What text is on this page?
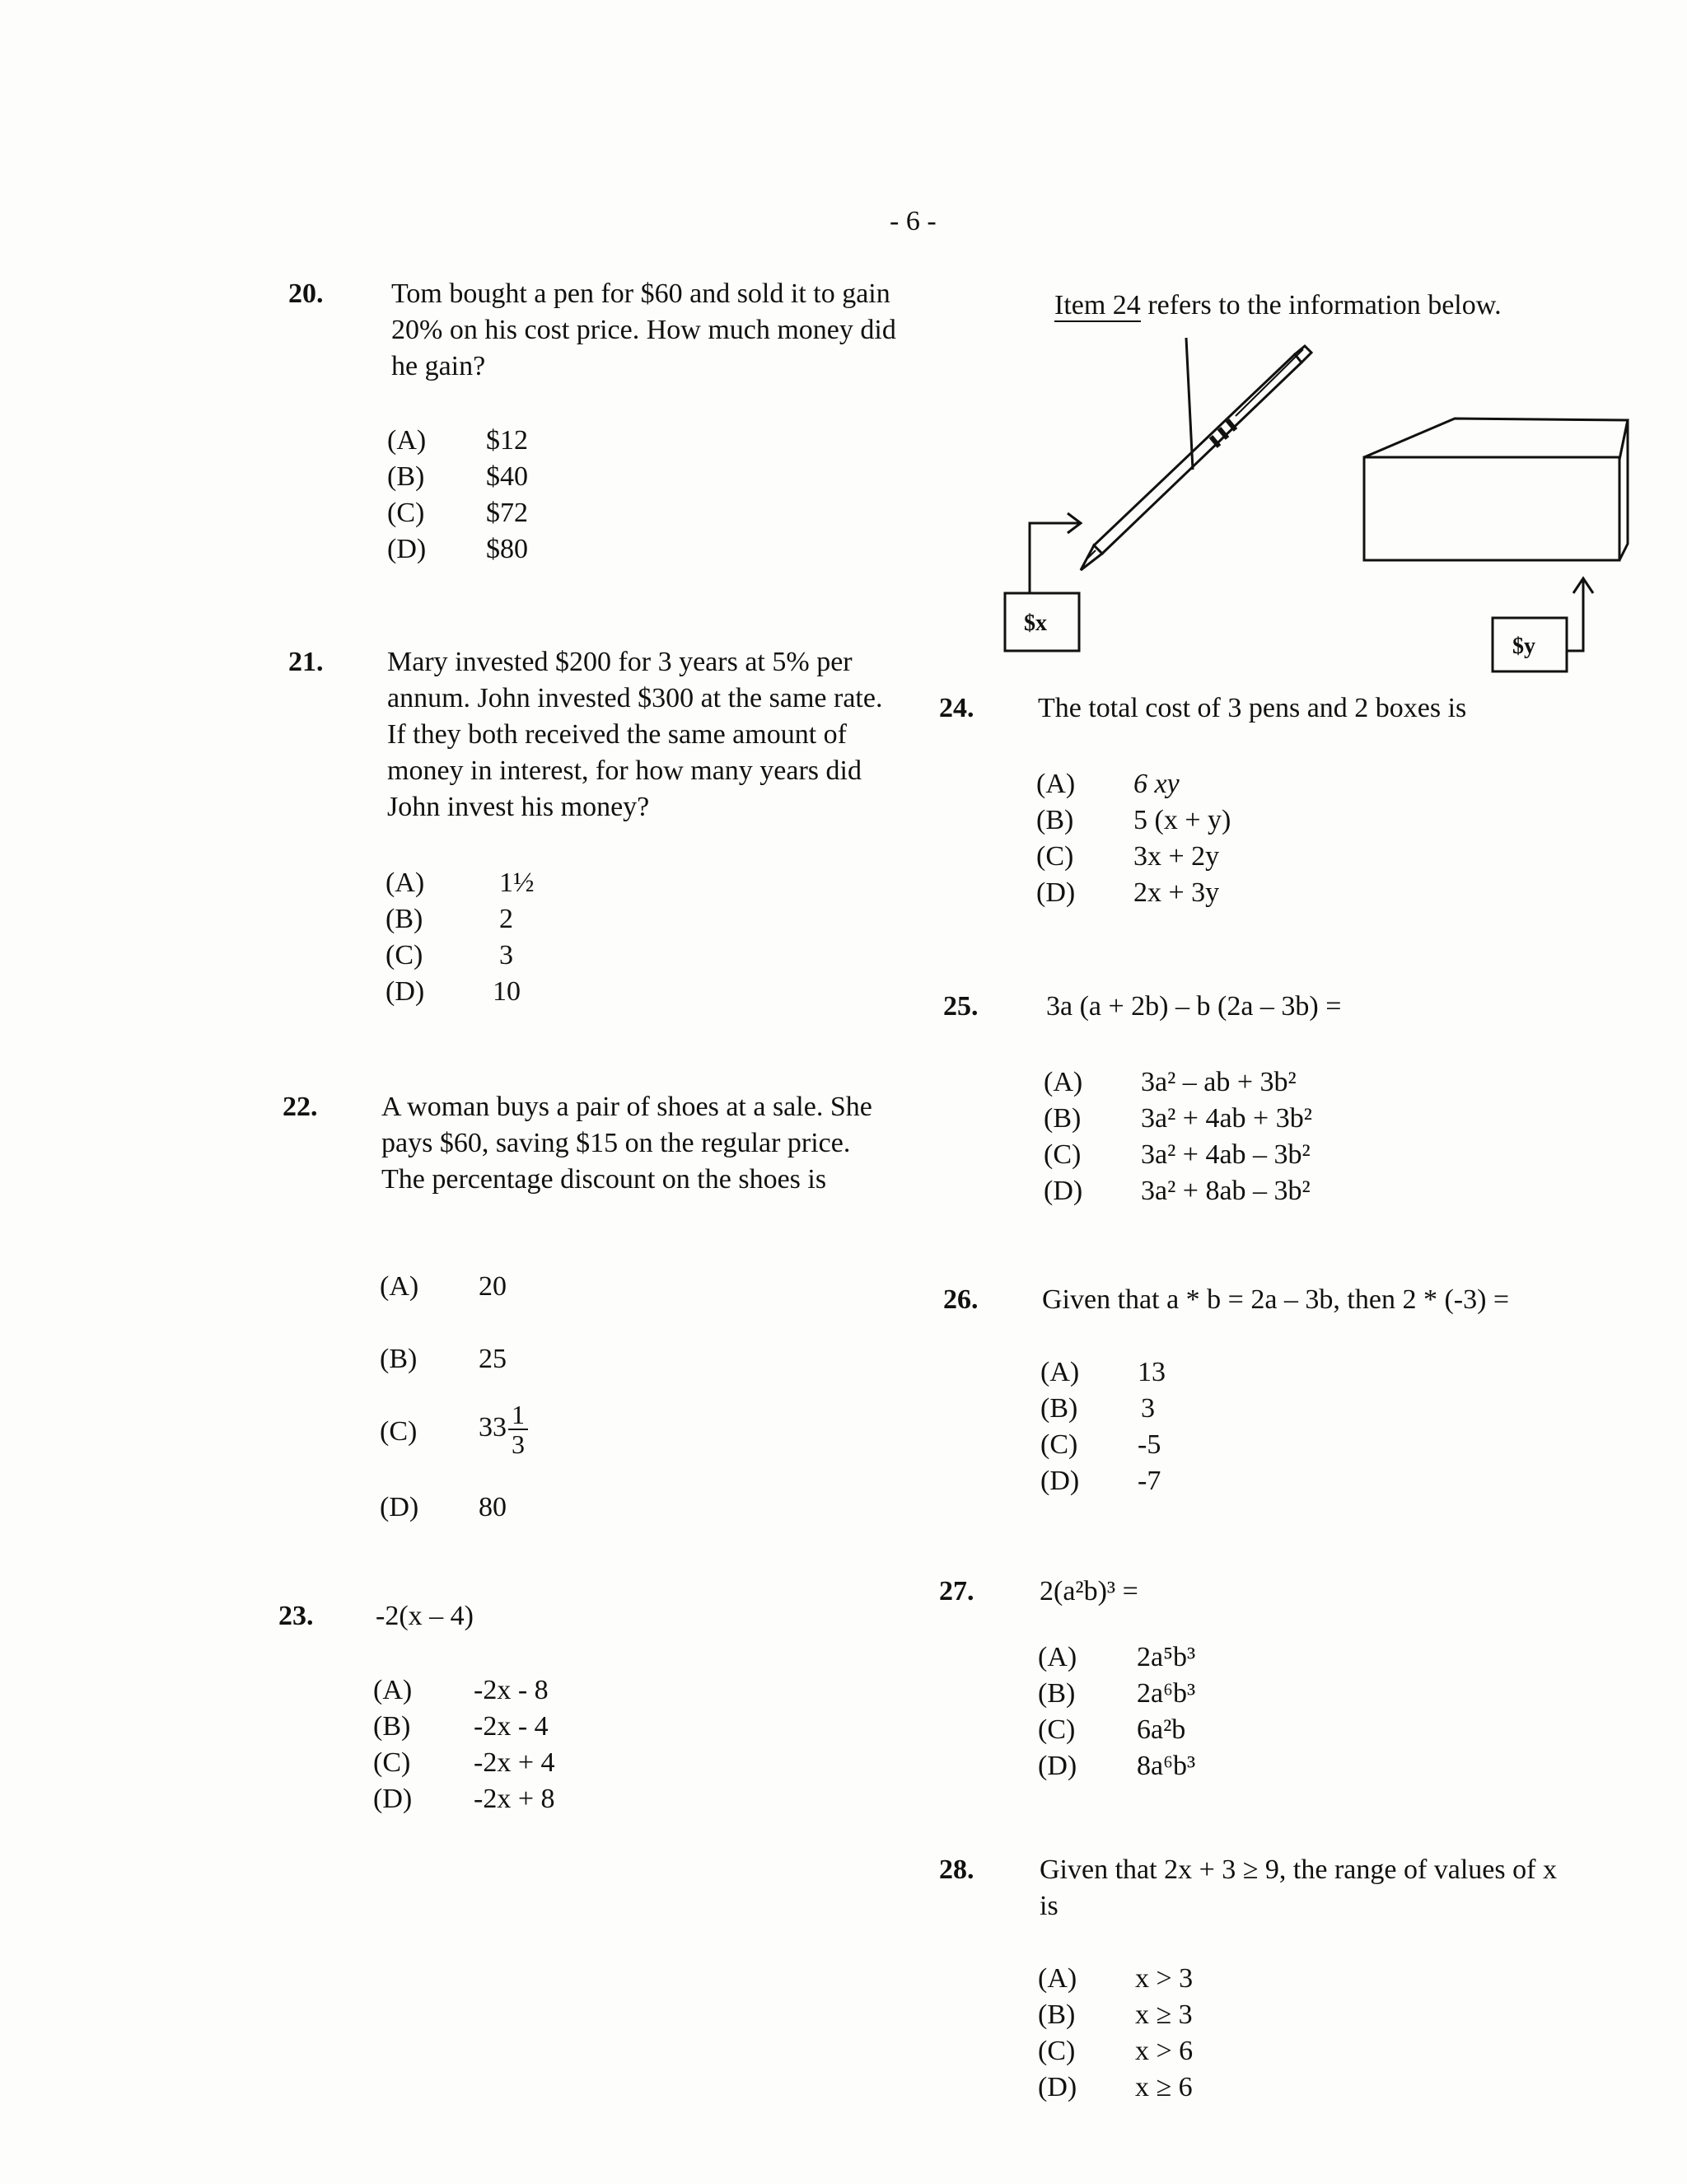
- 6 -
20. Tom bought a pen for $60 and sold it to gain 20% on his cost price. How much money did he gain?
(A) $12
(B) $40
(C) $72
(D) $80
21. Mary invested $200 for 3 years at 5% per annum. John invested $300 at the same rate. If they both received the same amount of money in interest, for how many years did John invest his money?
(A)	1½
(B)	2
(C)	3
(D) 10
22. A woman buys a pair of shoes at a sale. She pays $60, saving $15 on the regular price. The percentage discount on the shoes is
(A) 20
(B) 25
(C) $33 \frac{1}{3}$
(D) 80
23. -2(x – 4)
(A) -2x - 8
(B) -2x - 4
(C) -2x + 4
(D) -2x + 8
Item 24 refers to the information below.
$x
$y
24. The total cost of 3 pens and 2 boxes is
(A) 6 xy
(B) 5 (x + y)
(C) 3x + 2y
(D) 2x + 3y
25. 3a (a + 2b) – b (2a – 3b) =
(A) 3a² – ab + 3b²
(B) 3a² + 4ab + 3b²
(C) 3a² + 4ab – 3b²
(D) 3a² + 8ab – 3b²
26. Given that a * b = 2a – 3b, then 2 * (-3) =
(A) 13
(B) 3
(C) -5
(D) -7
27. 2(a²b)³ =
(A) 2a⁵b³
(B) 2a⁶b³
(C) 6a²b
(D) 8a⁶b³
28. Given that 2x + 3 ≥ 9, the range of values of x is
(A) x > 3
(B) x ≥ 3
(C) x > 6
(D) x ≥ 6
